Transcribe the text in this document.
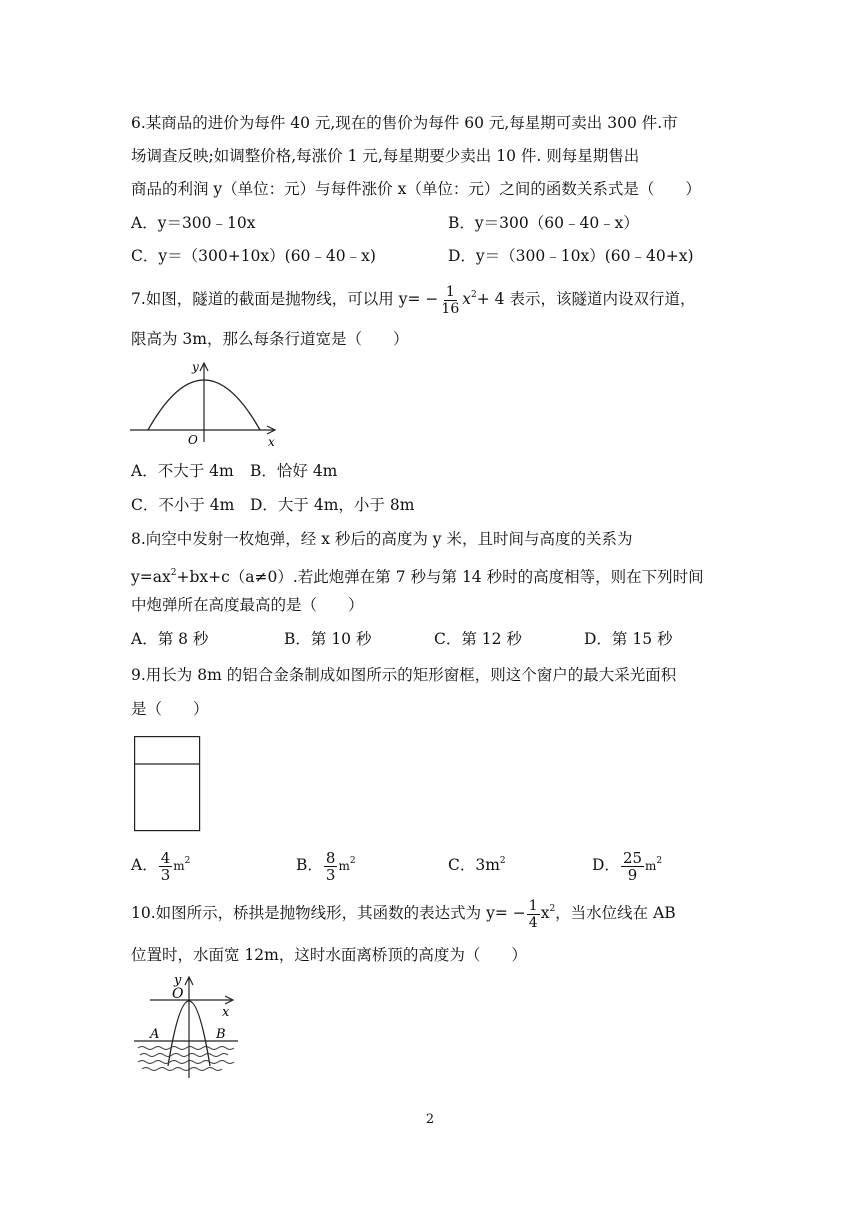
6.某商品的进价为每件 40 元,现在的售价为每件 60 元,每星期可卖出 300 件.市
场调查反映;如调整价格,每涨价 1 元,每星期要少卖出 10 件. 则每星期售出
商品的利润 y（单位：元）与每件涨价 x（单位：元）之间的函数关系式是（　　）
A．y＝300﹣10x	B．y＝300（60﹣40﹣x）
C．y＝（300+10x）(60﹣40﹣x)	D．y＝（300﹣10x）(60﹣40+x)
7.如图，隧道的截面是抛物线，可以用 $y= - \frac{1}{16} x^2+ 4$ 表示，该隧道内设双行道，
限高为 3m，那么每条行道宽是（　　）
y
O	x
A．不大于 4m B．恰好 4m
C．不小于 4m D．大于 4m，小于 8m
8.向空中发射一枚炮弹，经 x 秒后的高度为 y 米，且时间与高度的关系为
$y=ax^2+bx+c(a\ne 0)$.若此炮弹在第 7 秒与第 14 秒时的高度相等，则在下列时间
中炮弹所在高度最高的是（　　）
A．第 8 秒	B．第 10 秒	C．第 12 秒	D．第 15 秒
9.用长为 8m 的铝合金条制成如图所示的矩形窗框，则这个窗户的最大采光面积
是（　　）
A． $\frac{4}{3} m^2$	B． $\frac{8}{3} m^2$	C．$3m^2$	D． $\frac{25}{9} m^2$
10.如图所示，桥拱是抛物线形，其函数的表达式为 $y= - \frac{1}{4} x^2$，当水位线在 AB
位置时，水面宽 12m，这时水面离桥顶的高度为（　　）
y
O
x
A	B
2
